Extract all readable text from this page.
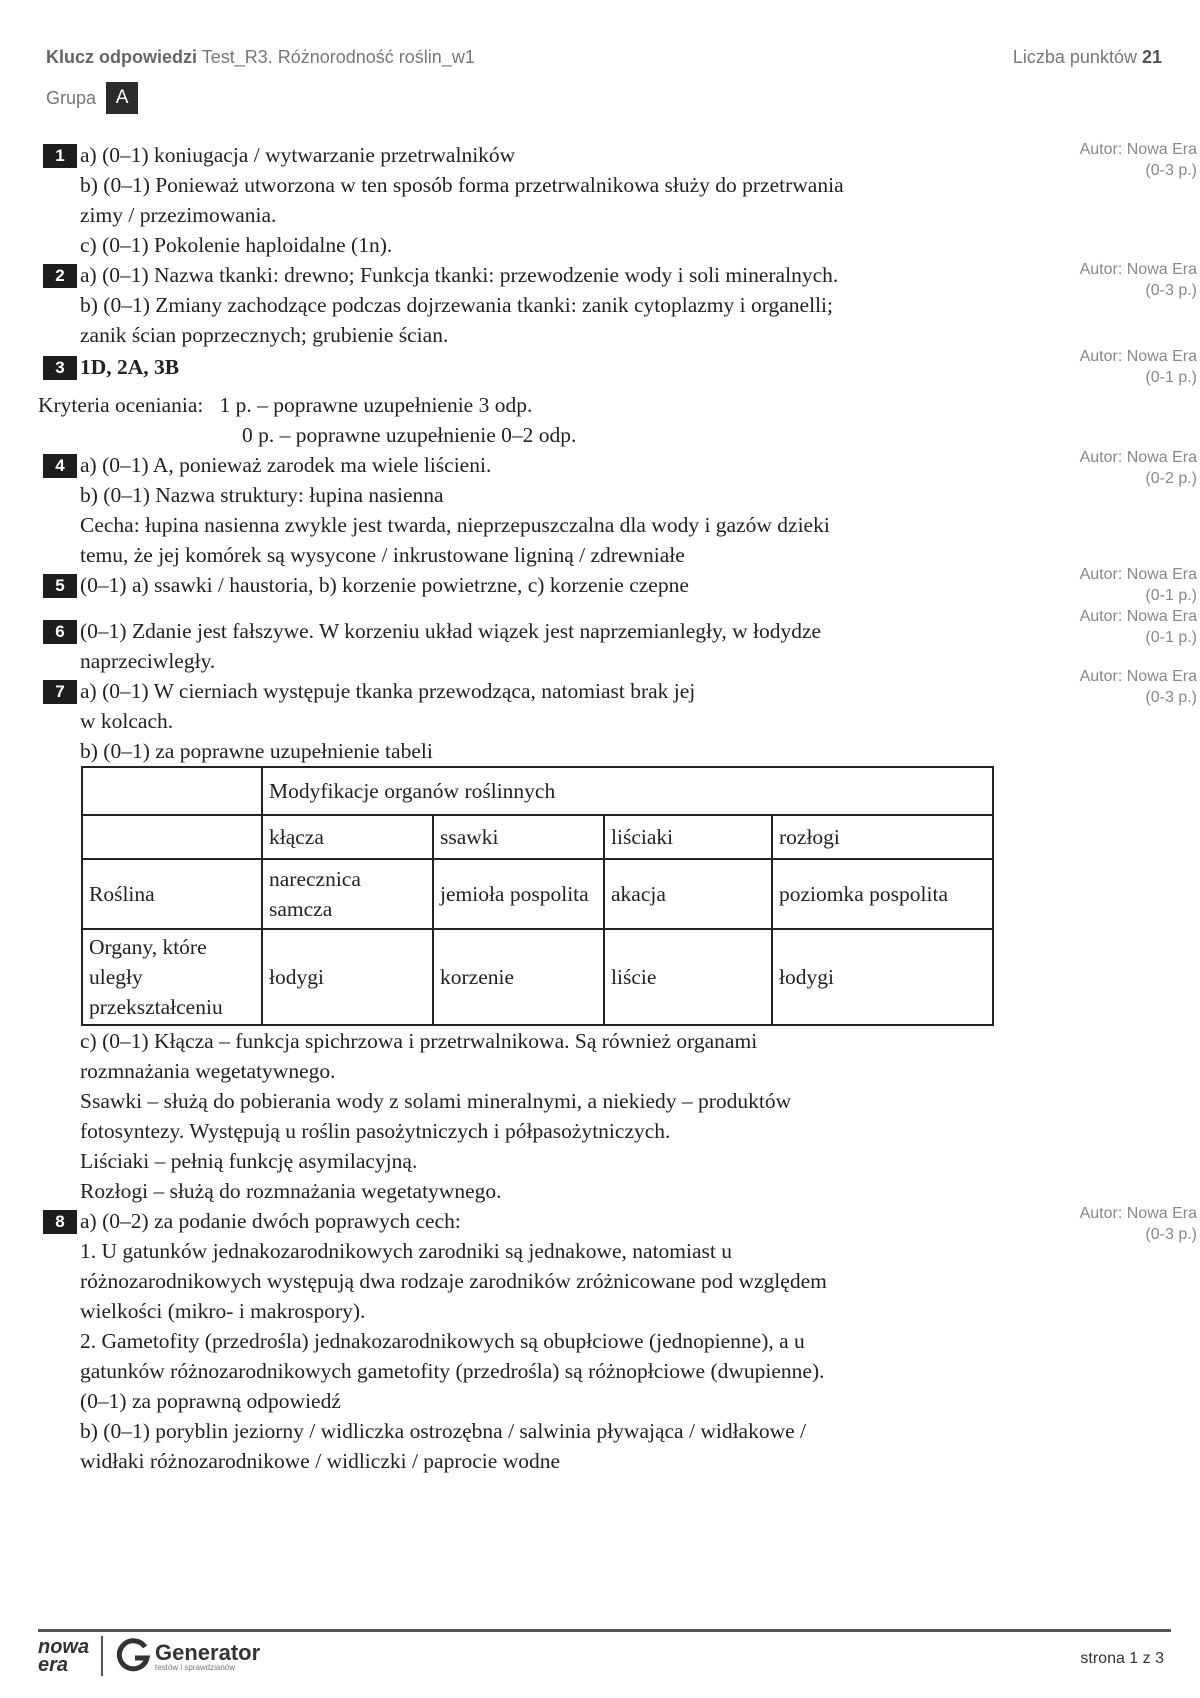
Klucz odpowiedzi Test_R3. Różnorodność roślin_w1	Liczba punktów 21
Grupa	A
1	Autor: Nowa Era
(0-3 p.)
a) (0–1) koniugacja / wytwarzanie przetrwalników
b) (0–1) Ponieważ utworzona w ten sposób forma przetrwalnikowa służy do przetrwania
zimy / przezimowania.
c) (0–1) Pokolenie haploidalne (1n).
2	Autor: Nowa Era
(0-3 p.)
a) (0–1) Nazwa tkanki: drewno; Funkcja tkanki: przewodzenie wody i soli mineralnych.
b) (0–1) Zmiany zachodzące podczas dojrzewania tkanki: zanik cytoplazmy i organelli;
zanik ścian poprzecznych; grubienie ścian.
3
Autor: Nowa Era
(0-1 p.)
1D, 2A, 3B
Kryteria oceniania: 1 p. – poprawne uzupełnienie 3 odp.
0 p. – poprawne uzupełnienie 0–2 odp.
4	Autor: Nowa Era
(0-2 p.)
a) (0–1) A, ponieważ zarodek ma wiele liścieni.
b) (0–1) Nazwa struktury: łupina nasienna
Cecha: łupina nasienna zwykle jest twarda, nieprzepuszczalna dla wody i gazów dzieki
temu, że jej komórek są wysycone / inkrustowane ligniną / zdrewniałe
5
Autor: Nowa Era
(0-1 p.)
(0–1) a) ssawki / haustoria, b) korzenie powietrzne, c) korzenie czepne
6
Autor: Nowa Era
(0-1 p.)
(0–1) Zdanie jest fałszywe. W korzeniu układ wiązek jest naprzemianległy, w łodydze
naprzeciwległy.
7
Autor: Nowa Era
(0-3 p.)
a) (0–1) W cierniach występuje tkanka przewodząca, natomiast brak jej
w kolcach.
b) (0–1) za poprawne uzupełnienie tabeli
	Modyfikacje organów roślinnych			
	kłącza	ssawki	liściaki	rozłogi
Roślina	narecznica samcza	jemioła pospolita	akacja	poziomka pospolita
Organy, które uległy przekształceniu	łodygi	korzenie	liście	łodygi
c) (0–1) Kłącza – funkcja spichrzowa i przetrwalnikowa. Są również organami
rozmnażania wegetatywnego.
Ssawki – służą do pobierania wody z solami mineralnymi, a niekiedy – produktów
fotosyntezy. Występują u roślin pasożytniczych i półpasożytniczych.
Liściaki – pełnią funkcję asymilacyjną.
Rozłogi – służą do rozmnażania wegetatywnego.
8	Autor: Nowa Era
(0-3 p.)
a) (0–2) za podanie dwóch poprawych cech:
1. U gatunków jednakozarodnikowych zarodniki są jednakowe, natomiast u
różnozarodnikowych występują dwa rodzaje zarodników zróżnicowane pod względem
wielkości (mikro- i makrospory).
2. Gametofity (przedrośla) jednakozarodnikowych są obupłciowe (jednopienne), a u
gatunków różnozarodnikowych gametofity (przedrośla) są różnopłciowe (dwupienne).
(0–1) za poprawną odpowiedź
b) (0–1) poryblin jeziorny / widliczka ostrozębna / salwinia pływająca / widłakowe /
widłaki różnozarodnikowe / widliczki / paprocie wodne
nowa
era	Generator
testów i sprawdzianów
strona 1 z 3
